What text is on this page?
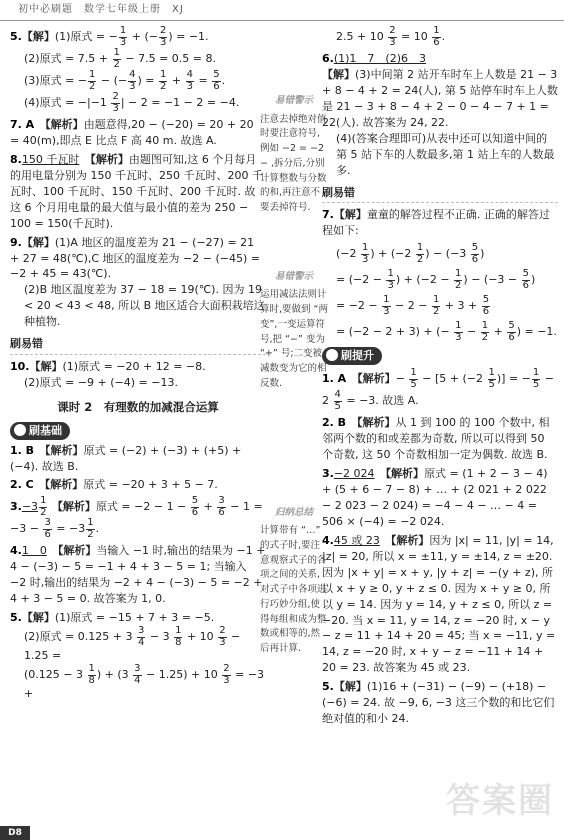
初中必刷题　数学七年级上册　XJ
5.【解】(1)原式 = − $\frac{1}{3}$ + (− $\frac{2}{3}$ ) = −1.
(2)原式 = $7.5 + \frac{1}{2} - 7.5 = 0.5 = 8$.
(3)原式 = − $\frac{1}{2}$ − (− $\frac{4}{3}$ ) = $\frac{1}{2} + \frac{4}{3} = \frac{5}{6}$ .
(4)原式 = $-|-1 \frac{2}{3}$ | − 2 = −1 − 2 = −4.
7. A　 【解析】由题意得,20 − (−20) = 20 + 20 = 40(m),即点 E 比点 F 高 40 m. 故选 A.
8.150 千瓦时　 【解析】由题图可知,这 6 个月每月的用电量分别为 150 千瓦时、250 千瓦时、200 千瓦时、100 千瓦时、150 千瓦时、200 千瓦时. 故这 6 个月用电量的最大值与最小值的差为 250 − 100 = 150(千瓦时).
9.【解】(1)A 地区的温度差为 21 − (−27) = 21 + 27 = 48(℃),C 地区的温度差为 −2 − (−45) = −2 + 45 = 43(℃).
(2)B 地区温度差为 37 − 18 = 19(℃). 因为 19 < 20 < 43 < 48, 所以 B 地区适合大面积栽培这种植物.
刷易错
10.【解】(1)原式 = −20 + 12 = −8.
(2)原式 = −9 + (−4) = −13.
课时 2　有理数的加减混合运算
刷基础
1. B　 【解析】原式 = (−2) + (−3) + (+5) + (−4). 故选 B.
2. C　 【解析】原式 = −20 + 3 + 5 − 7.
$3.-3 \frac{1}{2}$ 【解析】原式 = $-2 - 1 - \frac{5}{6} + \frac{3}{6} - 1 = -3 - \frac{3}{6} = -3 \frac{1}{2}$ .
4.1　0　 【解析】当输入 −1 时,输出的结果为 −1 + 4 − (−3) − 5 = −1 + 4 + 3 − 5 = 1; 当输入 −2 时,输出的结果为 −2 + 4 − (−3) − 5 = −2 + 4 + 3 − 5 = 0. 故答案为 1, 0.
5.【解】(1)原式 = −15 + 7 + 3 = −5.
(2)原式 = $0.125 + 3 \frac{3}{4} - 3 \frac{1}{8} + 10 \frac{2}{3} - 1.25$ =
($0.125 - 3 \frac{1}{8}$ ) + $(3 \frac{3}{4} - 1.25) + 10 \frac{2}{3} = -3$ +
易错警示
注意去掉绝对值时要注意符号,例如 −2 = −2 − ,拆分后,分别计算整数与分数的和,再注意不要丢掉符号.
易错警示
运用减法法则计算时,要做到 “两变”,一变运算符号,把 “−” 变为 “+” 号;二变被减数变为它的相反数.
归纳总结
计算带有 “…” 的式子时,要注意观察式子的各项之间的关系,对式子中各项进行巧妙分组,使得每组和成为整数或相等的,然后再计算.
$2.5 + 10 \frac{2}{3} = 10 \frac{1}{6}$ .
6.(1)1　7　(2)6　3
【解】(3)中间第 2 站开车时车上人数是 21 − 3 + 8 − 4 + 2 = 24(人), 第 5 站停车时车上人数是 21 − 3 + 8 − 4 + 2 − 0 − 4 − 7 + 1 = 22(人). 故答案为 24, 22.
(4)(答案合理即可)从表中还可以知道中间的第 5 站下车的人数最多,第 1 站上车的人数最多.
刷易错
7.【解】童童的解答过程不正确. 正确的解答过程如下:
($-2 \frac{1}{3}$ ) + ($-2 \frac{1}{2}$ ) − ($-3 \frac{5}{6}$ )
= ($-2 - \frac{1}{3}$ ) + ($-2 - \frac{1}{2}$ ) − ($-3 - \frac{5}{6}$ )
= $-2 - \frac{1}{3} - 2 - \frac{1}{2} + 3 + \frac{5}{6}$
= (−2 − 2 + 3) + (− $\frac{1}{3} - \frac{1}{2} + \frac{5}{6}$ ) = −1.
刷提升
1. A　 【解析】− $\frac{1}{5} - [5 + (-2 \frac{1}{5}$ )] = − $\frac{1}{5} - 2 \frac{4}{5} = -3$. 故选 A.
2. B　 【解析】从 1 到 100 的 100 个数中, 相邻两个数的和或差都为奇数, 所以可以得到 50 个奇数, 这 50 个奇数相加一定为偶数. 故选 B.
3.−2 024　 【解析】原式 = (1 + 2 − 3 − 4) + (5 + 6 − 7 − 8) + … + (2 021 + 2 022 − 2 023 − 2 024) = −4 − 4 − … − 4 = 506 × (−4) = −2 024.
4.45 或 23　 【解析】因为 |x| = 11, |y| = 14, |z| = 20, 所以 x = ±11, y = ±14, z = ±20. 因为 |x + y| = x + y, |y + z| = −(y + z), 所以 x + y ≥ 0, y + z ≤ 0. 因为 x + y ≥ 0, 所以 y = 14. 因为 y = 14, y + z ≤ 0, 所以 z = −20. 当 x = 11, y = 14, z = −20 时, x − y − z = 11 + 14 + 20 = 45; 当 x = −11, y = 14, z = −20 时, x + y − z = −11 + 14 + 20 = 23. 故答案为 45 或 23.
5.【解】(1)16 + (−31) − (−9) − (+18) − (−6) = 24. 故 −9, 6, −3 这三个数的和比它们绝对值的和小 24.
答案圈
D8
